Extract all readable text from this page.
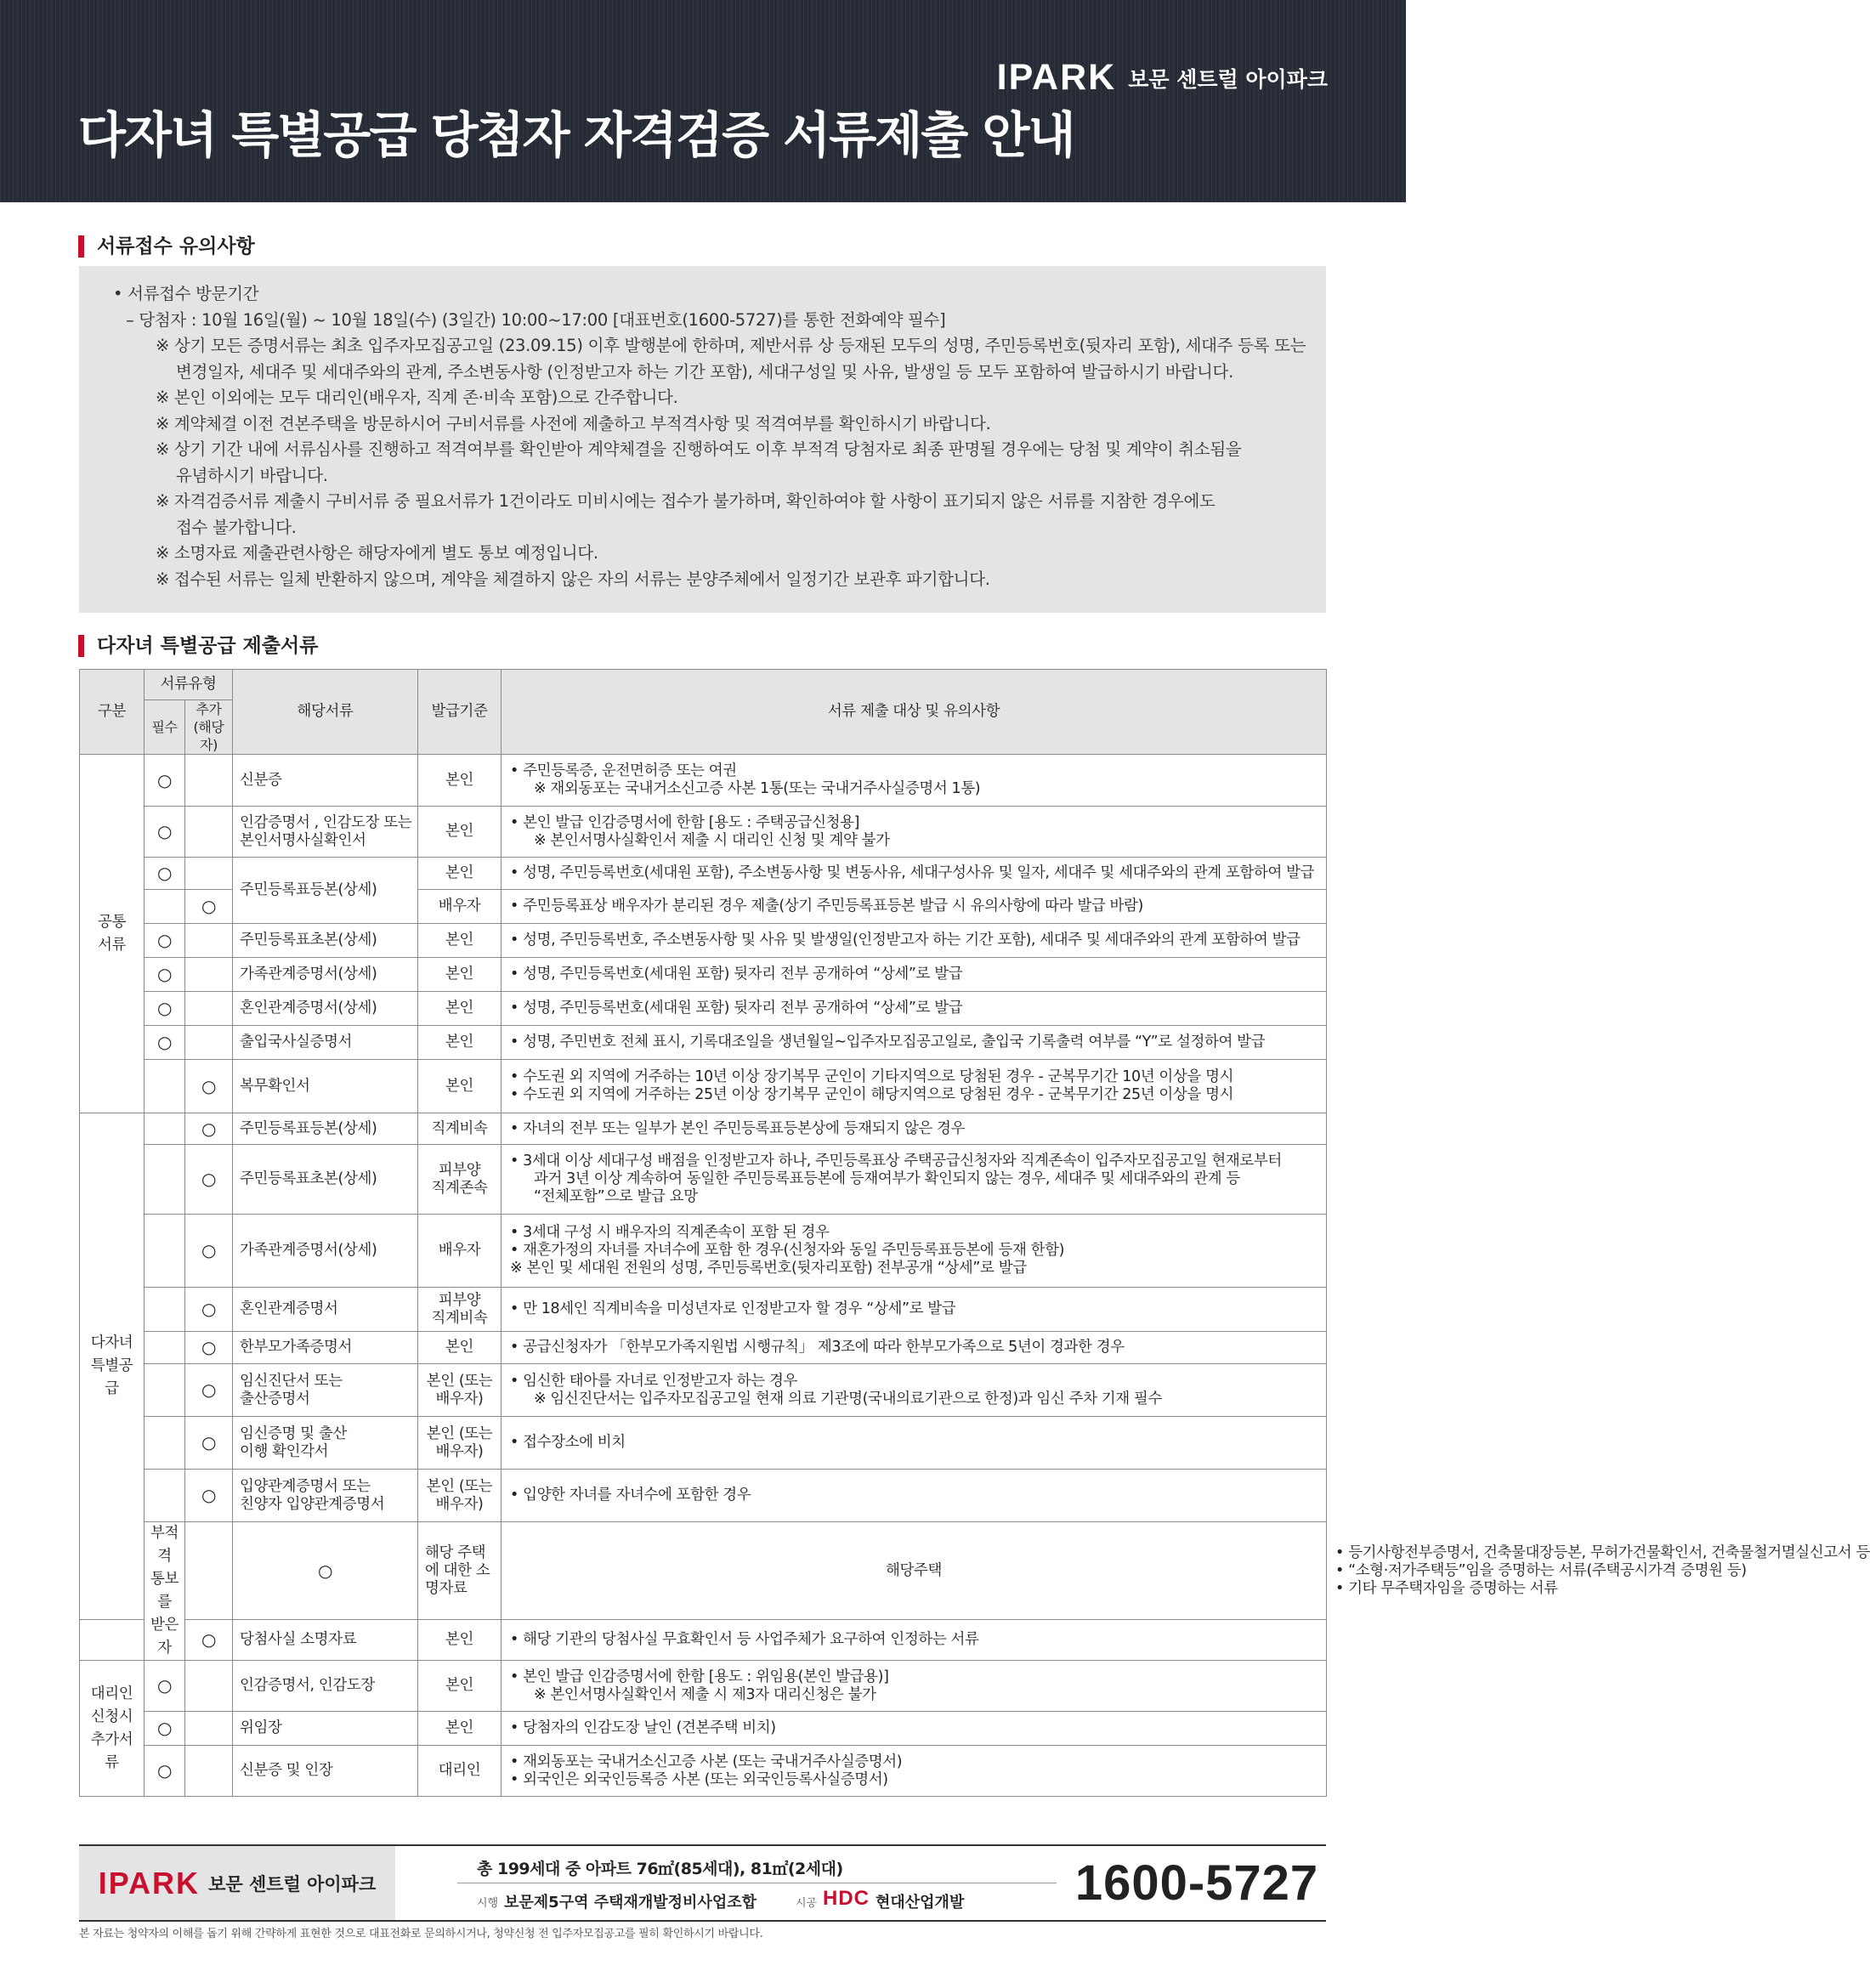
IPARK 보문 센트럴 아이파크
다자녀 특별공급 당첨자 자격검증 서류제출 안내
서류접수 유의사항
• 서류접수 방문기간
– 당첨자 : 10월 16일(월) ~ 10월 18일(수) (3일간) 10:00~17:00 [대표번호(1600-5727)를 통한 전화예약 필수]
※ 상기 모든 증명서류는 최초 입주자모집공고일 (23.09.15) 이후 발행분에 한하며, 제반서류 상 등재된 모두의 성명, 주민등록번호(뒷자리 포함), 세대주 등록 또는
변경일자, 세대주 및 세대주와의 관계, 주소변동사항 (인정받고자 하는 기간 포함), 세대구성일 및 사유, 발생일 등 모두 포함하여 발급하시기 바랍니다.
※ 본인 이외에는 모두 대리인(배우자, 직계 존·비속 포함)으로 간주합니다.
※ 계약체결 이전 견본주택을 방문하시어 구비서류를 사전에 제출하고 부적격사항 및 적격여부를 확인하시기 바랍니다.
※ 상기 기간 내에 서류심사를 진행하고 적격여부를 확인받아 계약체결을 진행하여도 이후 부적격 당첨자로 최종 판명될 경우에는 당첨 및 계약이 취소됨을
유념하시기 바랍니다.
※ 자격검증서류 제출시 구비서류 중 필요서류가 1건이라도 미비시에는 접수가 불가하며, 확인하여야 할 사항이 표기되지 않은 서류를 지참한 경우에도
접수 불가합니다.
※ 소명자료 제출관련사항은 해당자에게 별도 통보 예정입니다.
※ 접수된 서류는 일체 반환하지 않으며, 계약을 체결하지 않은 자의 서류는 분양주체에서 일정기간 보관후 파기합니다.
다자녀 특별공급 제출서류
구분	서류유형		해당서류	발급기준	서류 제출 대상 및 유의사항	
	필수	추가
(해당자)				

공통
서류	○		신분증	본인	• 주민등록증, 운전면허증 또는 여권
※ 재외동포는 국내거소신고증 사본 1통(또는 국내거주사실증명서 1통)	

	○		인감증명서 , 인감도장 또는
본인서명사실확인서	본인	• 본인 발급 인감증명서에 한함 [용도 : 주택공급신청용]
※ 본인서명사실확인서 제출 시 대리인 신청 및 계약 불가	

	○		주민등록표등본(상세)	본인	• 성명, 주민등록번호(세대원 포함), 주소변동사항 및 변동사유, 세대구성사유 및 일자, 세대주 및 세대주와의 관계 포함하여 발급	

		○		배우자	• 주민등록표상 배우자가 분리된 경우 제출(상기 주민등록표등본 발급 시 유의사항에 따라 발급 바람)	

	○		주민등록표초본(상세)	본인	• 성명, 주민등록번호, 주소변동사항 및 사유 및 발생일(인정받고자 하는 기간 포함), 세대주 및 세대주와의 관계 포함하여 발급	

	○		가족관계증명서(상세)	본인	• 성명, 주민등록번호(세대원 포함) 뒷자리 전부 공개하여 “상세”로 발급	

	○		혼인관계증명서(상세)	본인	• 성명, 주민등록번호(세대원 포함) 뒷자리 전부 공개하여 “상세”로 발급	

	○		출입국사실증명서	본인	• 성명, 주민번호 전체 표시, 기록대조일을 생년월일~입주자모집공고일로, 출입국 기록출력 여부를 “Y”로 설정하여 발급	

		○	복무확인서	본인	• 수도권 외 지역에 거주하는 10년 이상 장기복무 군인이 기타지역으로 당첨된 경우 - 군복무기간 10년 이상을 명시
• 수도권 외 지역에 거주하는 25년 이상 장기복무 군인이 해당지역으로 당첨된 경우 - 군복무기간 25년 이상을 명시	

다자녀
특별공급		○	주민등록표등본(상세)	직계비속	• 자녀의 전부 또는 일부가 본인 주민등록표등본상에 등재되지 않은 경우	

		○	주민등록표초본(상세)	피부양
직계존속	• 3세대 이상 세대구성 배점을 인정받고자 하나, 주민등록표상 주택공급신청자와 직계존속이 입주자모집공고일 현재로부터
과거 3년 이상 계속하여 동일한 주민등록표등본에 등재여부가 확인되지 않는 경우, 세대주 및 세대주와의 관계 등
“전체포함”으로 발급 요망	

		○	가족관계증명서(상세)	배우자	• 3세대 구성 시 배우자의 직계존속이 포함 된 경우
• 재혼가정의 자녀를 자녀수에 포함 한 경우(신청자와 동일 주민등록표등본에 등재 한함)
※ 본인 및 세대원 전원의 성명, 주민등록번호(뒷자리포함) 전부공개 “상세”로 발급	

		○	혼인관계증명서	피부양
직계비속	• 만 18세인 직계비속을 미성년자로 인정받고자 할 경우 “상세”로 발급	

		○	한부모가족증명서	본인	• 공급신청자가 「한부모가족지원법 시행규칙」 제3조에 따라 한부모가족으로 5년이 경과한 경우	

		○	임신진단서 또는
출산증명서	본인 (또는
배우자)	• 임신한 태아를 자녀로 인정받고자 하는 경우
※ 임신진단서는 입주자모집공고일 현재 의료 기관명(국내의료기관으로 한정)과 임신 주차 기재 필수	

		○	임신증명 및 출산
이행 확인각서	본인 (또는
배우자)	• 접수장소에 비치	

		○	입양관계증명서 또는
친양자 입양관계증명서	본인 (또는
배우자)	• 입양한 자녀를 자녀수에 포함한 경우	

	부적격
통보를
받은 자		○	해당 주택에 대한 소명자료	해당주택	• 등기사항전부증명서, 건축물대장등본, 무허가건물확인서, 건축물철거멸실신고서 등
• “소형·저가주택등”임을 증명하는 서류(주택공시가격 증명원 등)
• 기타 무주택자임을 증명하는 서류

		○	당첨사실 소명자료	본인	• 해당 기관의 당첨사실 무효확인서 등 사업주체가 요구하여 인정하는 서류	

대리인
신청시
추가서류	○		인감증명서, 인감도장	본인	• 본인 발급 인감증명서에 한함 [용도 : 위임용(본인 발급용)]
※ 본인서명사실확인서 제출 시 제3자 대리신청은 불가	

	○		위임장	본인	• 당첨자의 인감도장 날인 (견본주택 비치)	

	○		신분증 및 인장	대리인	• 재외동포는 국내거소신고증 사본 (또는 국내거주사실증명서)
• 외국인은 외국인등록증 사본 (또는 외국인등록사실증명서)	
IPARK 보문 센트럴 아이파크
총 199세대 중 아파트 76㎡(85세대), 81㎡(2세대)
시행 보문제5구역 주택재개발정비사업조합	시공 HDC 현대산업개발 1600-5727

본 자료는 청약자의 이해를 돕기 위해 간략하게 표현한 것으로 대표전화로 문의하시거나, 청약신청 전 입주자모집공고를 필히 확인하시기 바랍니다.
